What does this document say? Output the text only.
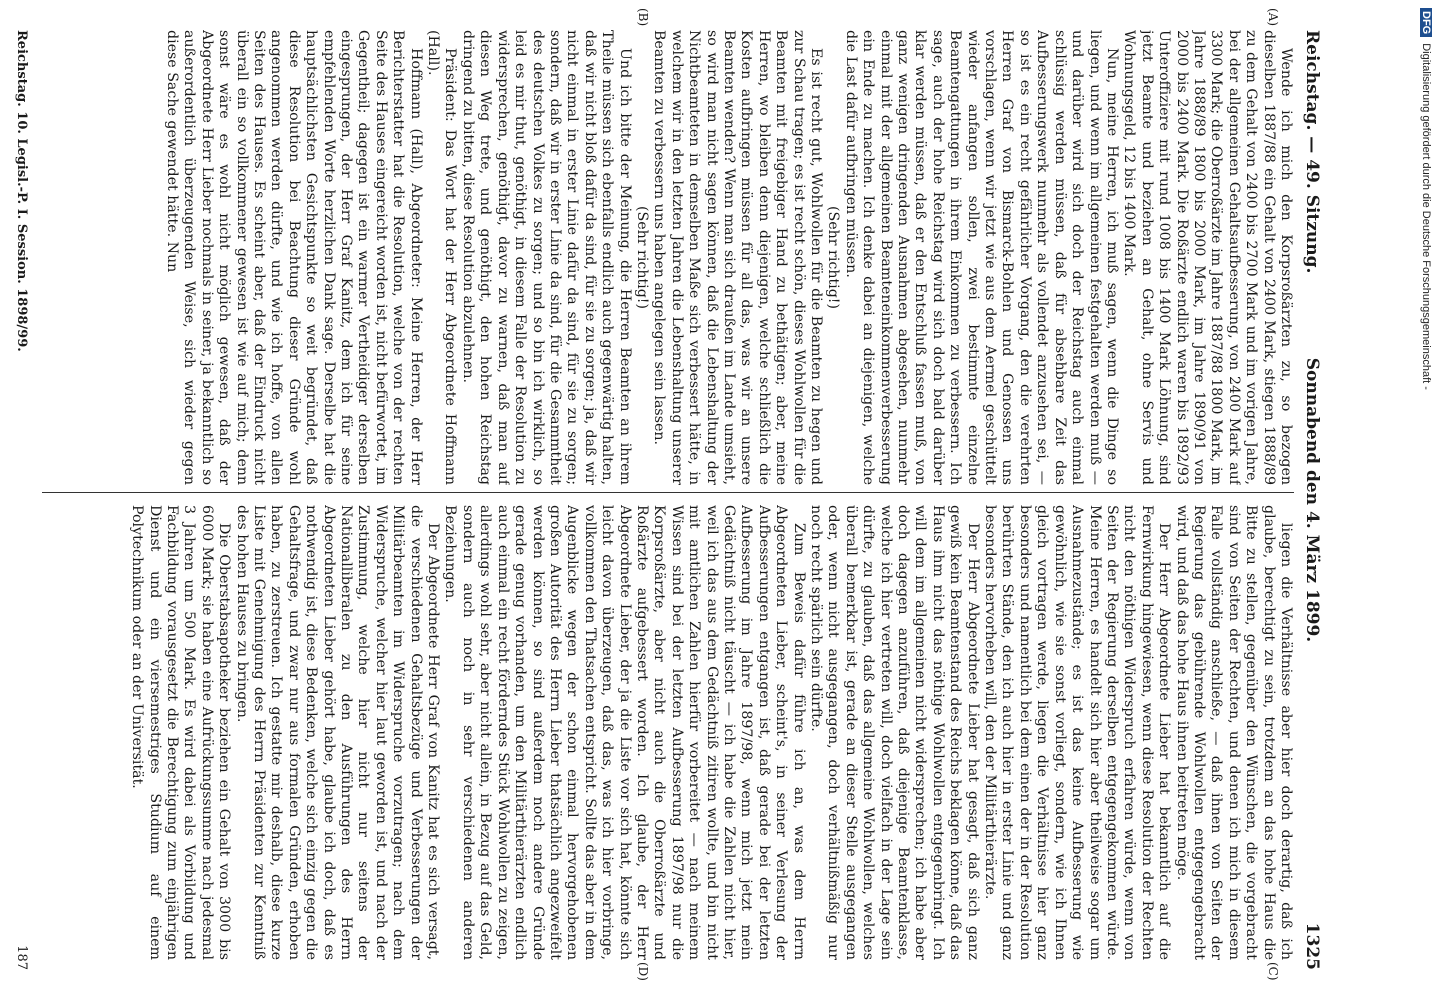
Reichstag. — 49. Sitzung.
Sonnabend den 4. März 1899.
1325
(A)
(B)
(C)
(D)

Wende ich mich den Korpsroßärzten zu, so bezogen dieselben 1887/88 ein Gehalt von 2400 Mark, stiegen 1888/89 zu dem Gehalt von 2400 bis 2700 Mark und im vorigen Jahre, bei der allgemeinen Gehaltsaufbesserung, von 2400 Mark auf 3300 Mark; die Oberroßärzte im Jahre 1887/88 1800 Mark, im Jahre 1888/89 1800 bis 2000 Mark, im Jahre 1890/91 von 2000 bis 2400 Mark. Die Roßärzte endlich waren bis 1892/93 Unteroffiziere mit rund 1008 bis 1400 Mark Löhnung, sind jetzt Beamte und beziehen an Gehalt, ohne Servis und Wohnungsgeld, 12 bis 1400 Mark.

Nun, meine Herren, ich muß sagen, wenn die Dinge so liegen, und wenn im allgemeinen festgehalten werden muß — und darüber wird sich doch der Reichstag auch einmal schlüssig werden müssen, daß für absehbare Zeit das Aufbesserungswerk nunmehr als vollendet anzusehen sei, — so ist es ein recht gefährlicher Vorgang, den die verehrten Herren Graf von Bismarck-Bohlen und Genossen uns vorschlagen, wenn wir jetzt wie aus dem Aermel geschüttelt wieder anfangen sollen, zwei bestimmte einzelne Beamtengattungen in ihrem Einkommen zu verbessern. Ich sage, auch der hohe Reichstag wird sich doch bald darüber klar werden müssen, daß er den Entschluß fassen muß, von ganz wenigen dringenden Ausnahmen abgesehen, nunmehr einmal mit der allgemeinen Beamteneinkommenverbesserung ein Ende zu machen. Ich denke dabei an diejenigen, welche die Last dafür aufbringen müssen.

(Sehr richtig!)

Es ist recht gut, Wohlwollen für die Beamten zu hegen und zur Schau tragen; es ist recht schön, dieses Wohlwollen für die Beamten mit freigebiger Hand zu bethätigen; aber, meine Herren, wo bleiben denn diejenigen, welche schließlich die Kosten aufbringen müssen für all das, was wir an unsere Beamten wenden? Wenn man sich draußen im Lande umsieht, so wird man nicht sagen können, daß die Lebenshaltung der Nichtbeamteten in demselben Maße sich verbessert hätte, in welchem wir in den letzten Jahren die Lebenshaltung unserer Beamten zu verbessern uns haben angelegen sein lassen.

(Sehr richtig!)

Und ich bitte der Meinung, die Herren Beamten an ihrem Theile müssen sich ebenfalls endlich auch gegenwärtig halten, daß wir nicht bloß dafür da sind, für sie zu sorgen; ja, daß wir nicht einmal in erster Linie dafür da sind, für sie zu sorgen; sondern, daß wir in erster Linie da sind, für die Gesammtheit des deutschen Volkes zu sorgen; und so bin ich wirklich, so leid es mir thut, genöthigt, in diesem Falle der Resolution zu widersprechen, genöthigt, davor zu warnen, daß man auf diesen Weg trete, und genöthigt, den hohen Reichstag dringend zu bitten, diese Resolution abzulehnen.

Präsident: Das Wort hat der Herr Abgeordnete Hoffmann (Hall).

Hoffmann (Hall), Abgeordneter: Meine Herren, der Herr Berichterstatter hat die Resolution, welche von der rechten Seite des Hauses eingereicht worden ist, nicht befürwortet, im Gegentheil; dagegen ist ein warmer Vertheidiger derselben eingesprungen, der Herr Graf Kanitz, dem ich für seine empfehlenden Worte herzlichen Dank sage. Derselbe hat die hauptsächlichsten Gesichtspunkte so weit begründet, daß diese Resolution bei Beachtung dieser Gründe wohl angenommen werden dürfte, und wie ich hoffe, von allen Seiten des Hauses. Es scheint aber, daß der Eindruck nicht überall ein so vollkommener gewesen ist wie auf mich; denn sonst wäre es wohl nicht möglich gewesen, daß der Abgeordnete Herr Lieber nochmals in seiner, ja bekanntlich so außerordentlich überzeugenden Weise, sich wieder gegen diese Sache gewendet hätte. Nun

liegen die Verhältnisse aber hier doch derartig, daß ich glaube, berechtigt zu sein, trotzdem an das hohe Haus die Bitte zu stellen, gegenüber den Wünschen, die vorgebracht sind von Seiten der Rechten, und denen ich mich in diesem Falle vollständig anschließe, — daß ihnen von Seiten der Regierung das gebührende Wohlwollen entgegengebracht wird, und daß das hohe Haus ihnen beitreten möge.

Der Herr Abgeordnete Lieber hat bekanntlich auf die Fernwirkung hingewiesen, wenn diese Resolution der Rechten nicht den nöthigen Widerspruch erfahren würde, wenn von Seiten der Regierung derselben entgegengekommen würde. Meine Herren, es handelt sich hier aber theilweise sogar um Ausnahmezustände; es ist das keine Aufbesserung wie gewöhnlich, wie sie sonst vorliegt, sondern, wie ich Ihnen gleich vortragen werde, liegen die Verhältnisse hier ganz besonders und namentlich bei dem einen der in der Resolution berührten Stände, den ich auch hier in erster Linie und ganz besonders hervorheben will, den der Militärthierärzte.

Der Herr Abgeordnete Lieber hat gesagt, daß sich ganz gewiß kein Beamtenstand des Reichs beklagen könne, daß das Haus ihm nicht das nöthige Wohlwollen entgegenbringt. Ich will dem im allgemeinen nicht widersprechen; ich habe aber doch dagegen anzuführen, daß diejenige Beamtenklasse, welche ich hier vertreten will, doch vielfach in der Lage sein dürfte, zu glauben, daß das allgemeine Wohlwollen, welches überall bemerkbar ist, gerade an dieser Stelle ausgegangen oder, wenn nicht ausgegangen, doch verhältnißmäßig nur noch recht spärlich sein dürfte.

Zum Beweis dafür führe ich an, was dem Herrn Abgeordneten Lieber, scheint's, in seiner Verlesung der Aufbesserungen entgangen ist, daß gerade bei der letzten Aufbesserung im Jahre 1897/98, wenn mich jetzt mein Gedächtniß nicht täuscht — ich habe die Zahlen nicht hier, weil ich das aus dem Gedächtniß zitiren wollte, und bin nicht mit amtlichen Zahlen hierfür vorbereitet — nach meinem Wissen sind bei der letzten Aufbesserung 1897/98 nur die Korpsroßärzte, aber nicht auch die Oberroßärzte und Roßärzte aufgebessert worden. Ich glaube, der Herr Abgeordnete Lieber, der ja die Liste vor sich hat, könnte sich leicht davon überzeugen, daß das, was ich hier vorbringe, vollkommen den Thatsachen entspricht. Sollte das aber in dem Augenblicke wegen der schon einmal hervorgehobenen großen Autorität des Herrn Lieber thatsächlich angezweifelt werden können, so sind außerdem noch andere Gründe gerade genug vorhanden, um den Militärthierärzten endlich auch einmal ein recht förderndes Stück Wohlwollen zu zeigen, allerdings wohl sehr, aber nicht allein, in Bezug auf das Geld, sondern auch noch in sehr verschiedenen anderen Beziehungen.

Der Abgeordnete Herr Graf von Kanitz hat es sich versagt, die verschiedenen Gehaltsbezüge und Verbesserungen der Militärbeamten im Widerspruche vorzutragen; nach dem Widerspruche, welcher hier laut geworden ist, und nach der Zustimmung, welche hier nicht nur seitens der Nationalliberalen zu den Ausführungen des Herrn Abgeordneten Lieber gehört habe, glaube ich doch, daß es nothwendig ist, diese Bedenken, welche sich einzig gegen die Gehaltsfrage, und zwar nur aus formalen Gründen, erhoben haben, zu zerstreuen. Ich gestatte mir deshalb, diese kurze Liste mit Genehmigung des Herrn Präsidenten zur Kenntniß des hohen Hauses zu bringen.

Die Oberstabsapotheker beziehen ein Gehalt von 3000 bis 6000 Mark; sie haben eine Aufrückungssumme nach jedesmal 3 Jahren um 500 Mark. Es wird dabei als Vorbildung und Fachbildung vorausgesetzt die Berechtigung zum einjährigen Dienst und ein viersemestriges Studium auf einem Polytechnikum oder an der Universität.

Reichstag. 10. Legisl.-P. I. Session. 1898/99.
187
DFGDigitalisierung gefördert durch die Deutsche Forschungsgemeinschaft -
